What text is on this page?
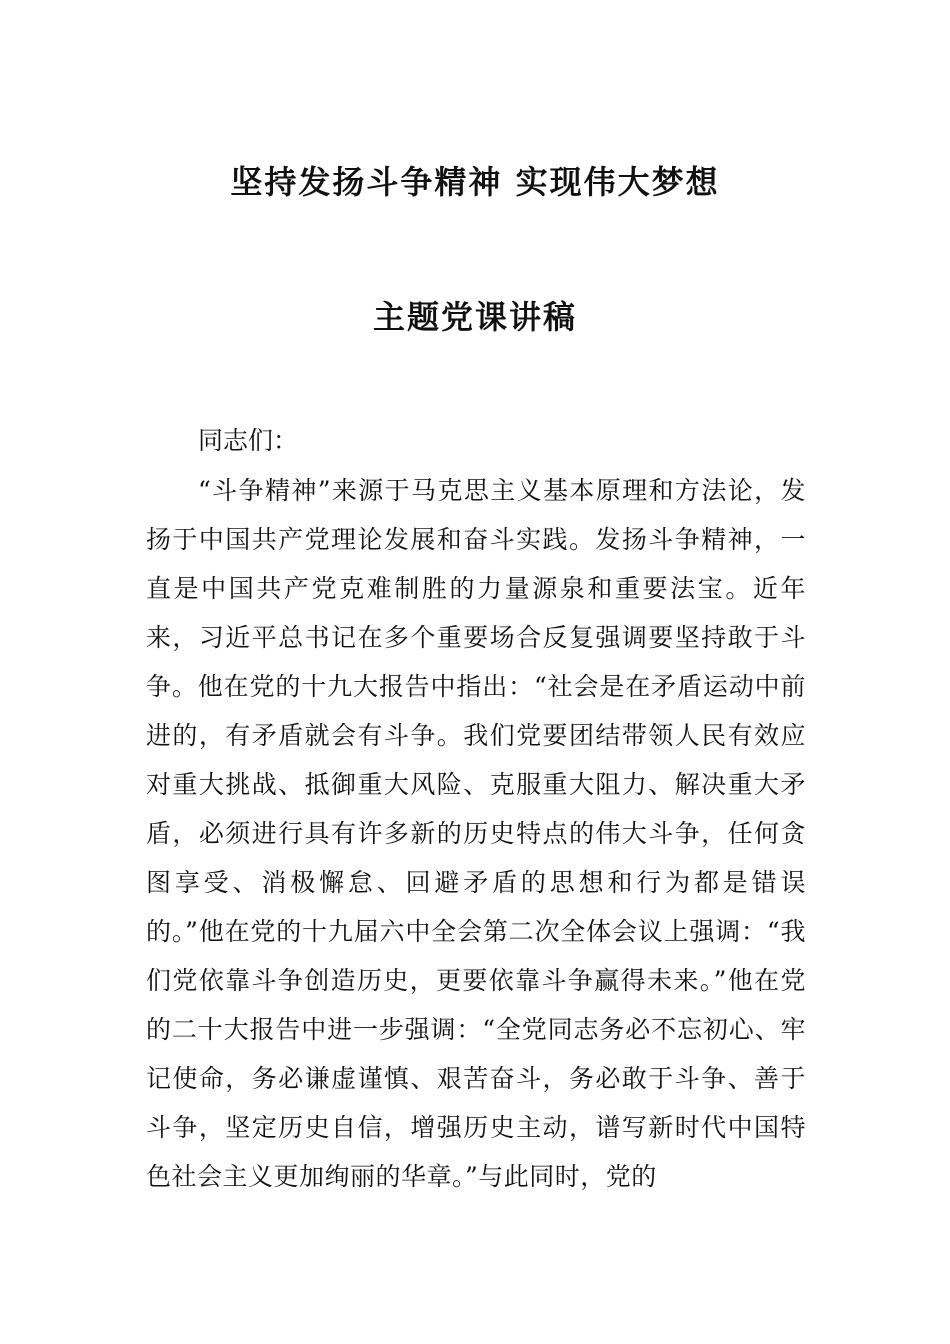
坚持发扬斗争精神 实现伟大梦想
主题党课讲稿
同志们：
“斗争精神”来源于马克思主义基本原理和方法论，发扬于中国共产党理论发展和奋斗实践。发扬斗争精神，一直是中国共产党克难制胜的力量源泉和重要法宝。近年来，习近平总书记在多个重要场合反复强调要坚持敢于斗争。他在党的十九大报告中指出：“社会是在矛盾运动中前进的，有矛盾就会有斗争。我们党要团结带领人民有效应对重大挑战、抵御重大风险、克服重大阻力、解决重大矛盾，必须进行具有许多新的历史特点的伟大斗争，任何贪图享受、消极懈怠、回避矛盾的思想和行为都是错误的。”他在党的十九届六中全会第二次全体会议上强调：“我们党依靠斗争创造历史，更要依靠斗争赢得未来。”他在党的二十大报告中进一步强调：“全党同志务必不忘初心、牢记使命，务必谦虚谨慎、艰苦奋斗，务必敢于斗争、善于斗争，坚定历史自信，增强历史主动，谱写新时代中国特色社会主义更加绚丽的华章。”与此同时，党的
